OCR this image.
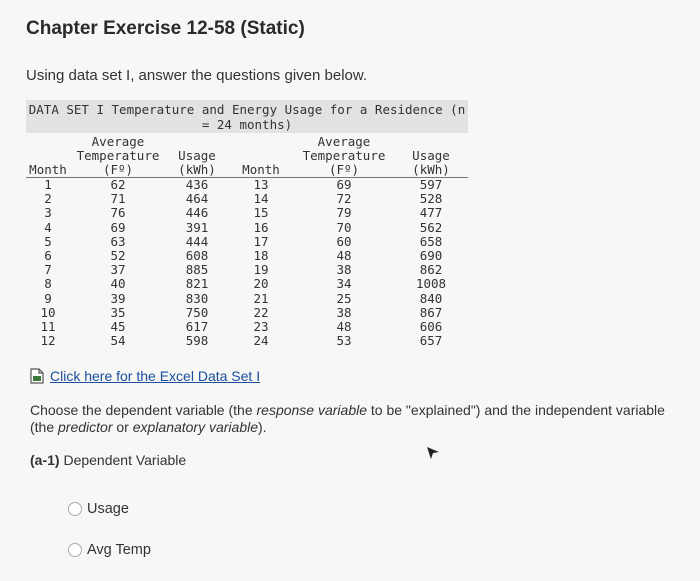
Chapter Exercise 12-58 (Static)
Using data set I, answer the questions given below.
DATA SET I Temperature and Energy Usage for a Residence (n
= 24 months)
	Average			Average	
	Temperature	Usage		Temperature	Usage
Month	(Fº)	(kWh)	Month	(Fº)	(kWh)
1	62	436	13	69	597
2	71	464	14	72	528
3	76	446	15	79	477
4	69	391	16	70	562
5	63	444	17	60	658
6	52	608	18	48	690
7	37	885	19	38	862
8	40	821	20	34	1008
9	39	830	21	25	840
10	35	750	22	38	867
11	45	617	23	48	606
12	54	598	24	53	657
Click here for the Excel Data Set I
Choose the dependent variable (the response variable to be "explained") and the independent variable (the predictor or explanatory variable).
(a-1) Dependent Variable
Usage
Avg Temp
